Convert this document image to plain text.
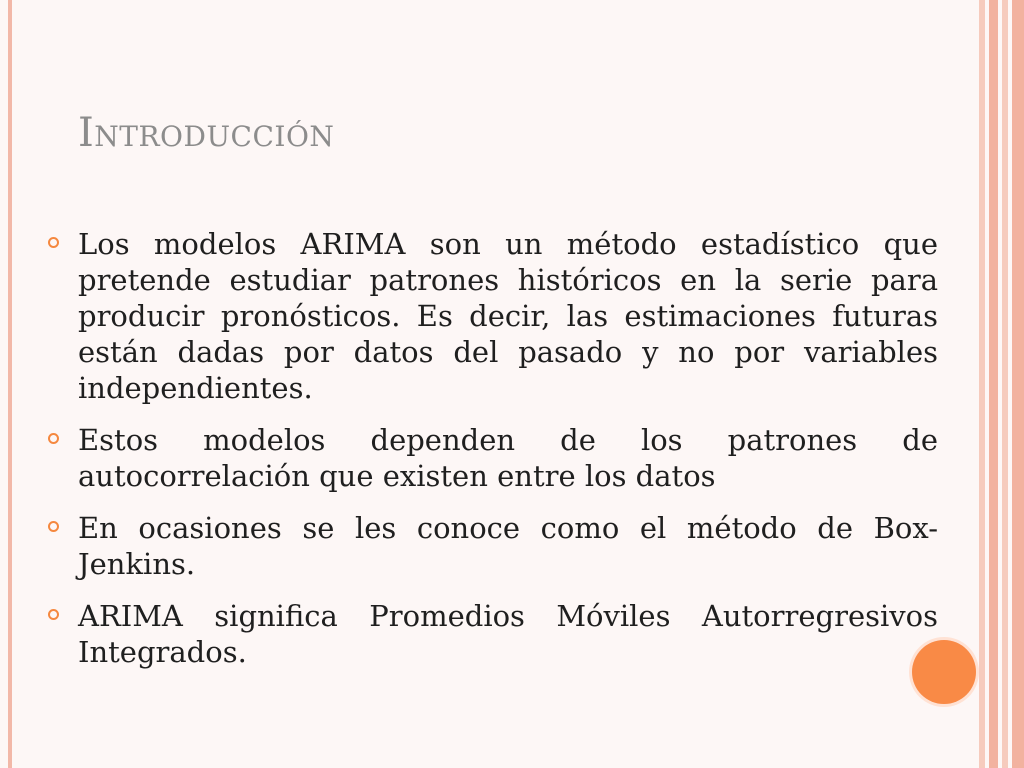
Introducción
Los modelos ARIMA son un método estadístico que pretende estudiar patrones históricos en la serie para producir pronósticos. Es decir, las estimaciones futuras están dadas por datos del pasado y no por variables independientes.
Estos modelos dependen de los patrones de autocorrelación que existen entre los datos
En ocasiones se les conoce como el método de Box-Jenkins.
ARIMA significa Promedios Móviles Autorregresivos Integrados.
